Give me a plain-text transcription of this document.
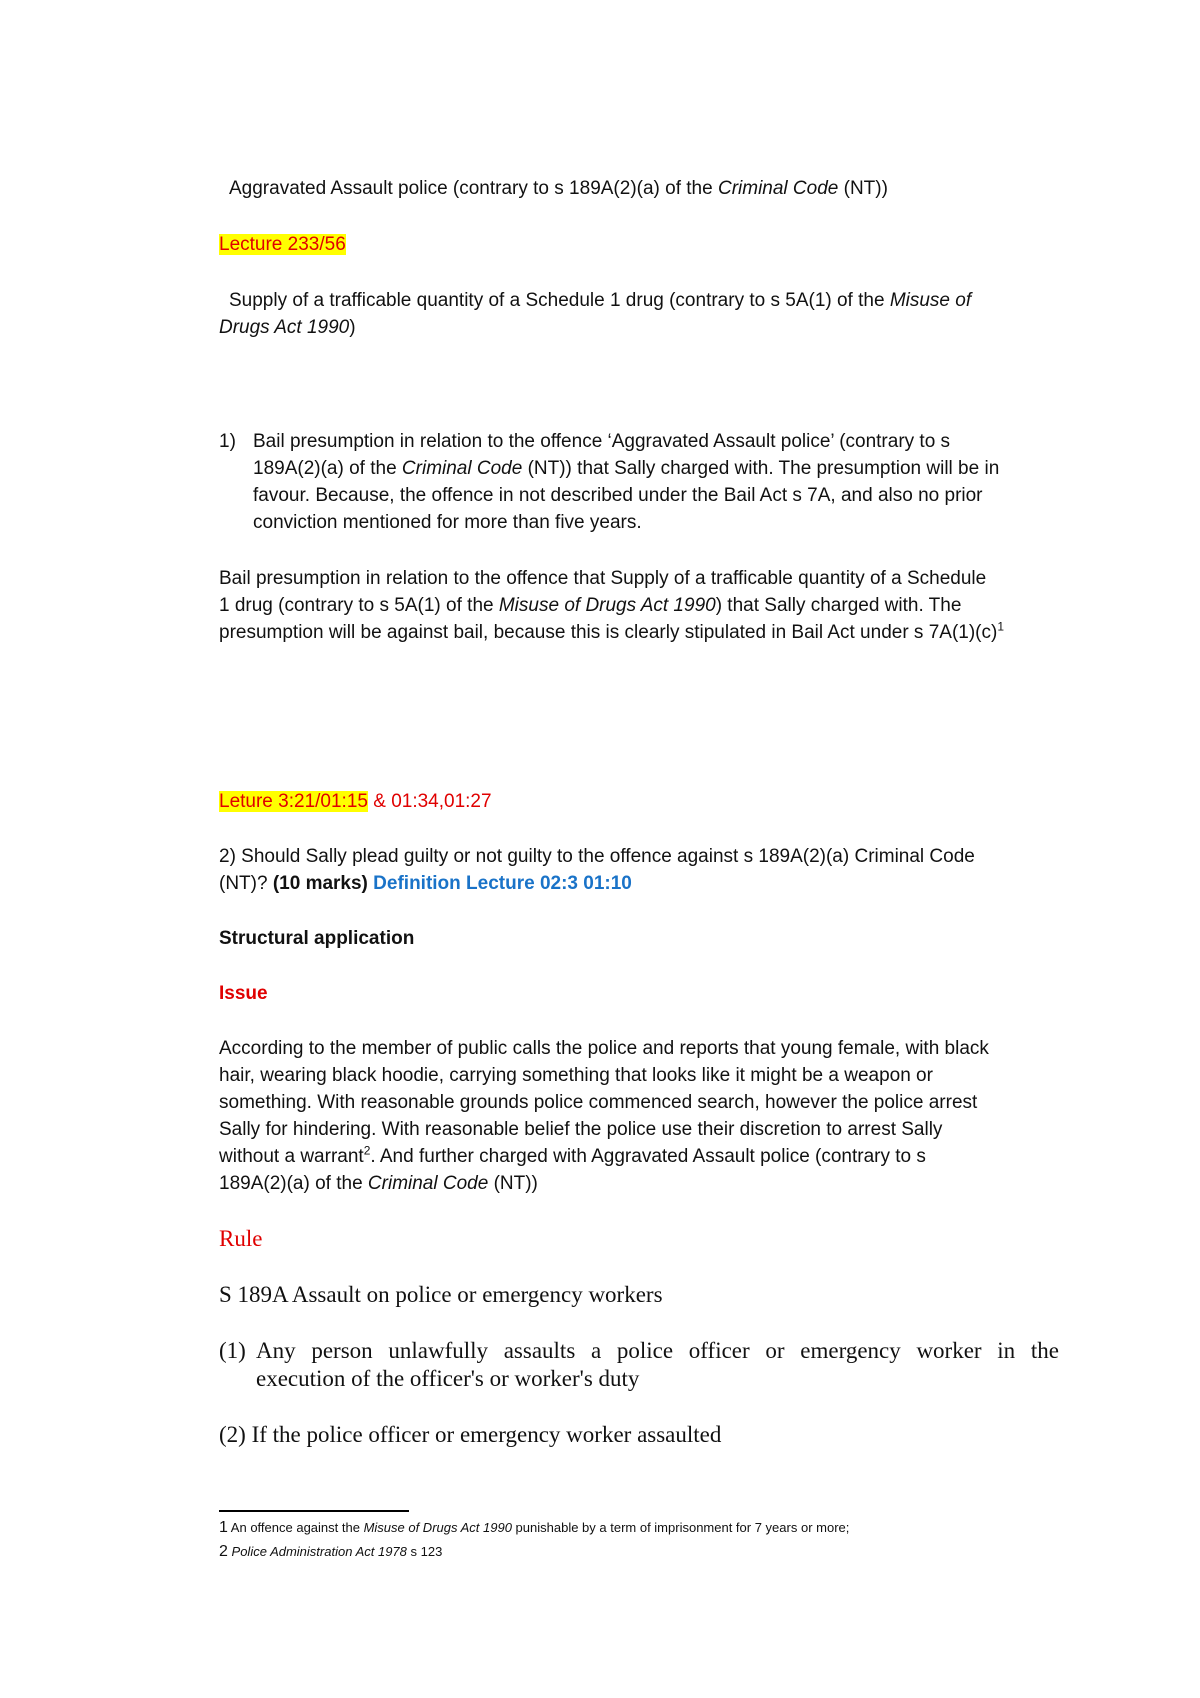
Aggravated Assault police (contrary to s 189A(2)(a) of the Criminal Code (NT))

Lecture 233/56

Supply of a trafficable quantity of a Schedule 1 drug (contrary to s 5A(1) of the Misuse of

Drugs Act 1990)

1) Bail presumption in relation to the offence ‘Aggravated Assault police’ (contrary to s

189A(2)(a) of the Criminal Code (NT)) that Sally charged with. The presumption will be in

favour. Because, the offence in not described under the Bail Act s 7A, and also no prior

conviction mentioned for more than five years.

Bail presumption in relation to the offence that Supply of a trafficable quantity of a Schedule

1 drug (contrary to s 5A(1) of the Misuse of Drugs Act 1990) that Sally charged with. The

presumption will be against bail, because this is clearly stipulated in Bail Act under s $7A(1)(c)^1$

Leture 3:21/01:15 & 01:34,01:27

2) Should Sally plead guilty or not guilty to the offence against s 189A(2)(a) Criminal Code

(NT)? (10 marks) Definition Lecture 02:3 01:10

Structural application

Issue

According to the member of public calls the police and reports that young female, with black

hair, wearing black hoodie, carrying something that looks like it might be a weapon or

something. With reasonable grounds police commenced search, however the police arrest

Sally for hindering. With reasonable belief the police use their discretion to arrest Sally

without a warrant$^2$. And further charged with Aggravated Assault police (contrary to s

189A(2)(a) of the Criminal Code (NT))

Rule

S 189A Assault on police or emergency workers

(1) Any person unlawfully assaults a police officer or emergency worker in the

execution of the officer's or worker's duty

(2) If the police officer or emergency worker assaulted

1 An offence against the Misuse of Drugs Act 1990 punishable by a term of imprisonment for 7 years or more;

2 Police Administration Act 1978 s 123
